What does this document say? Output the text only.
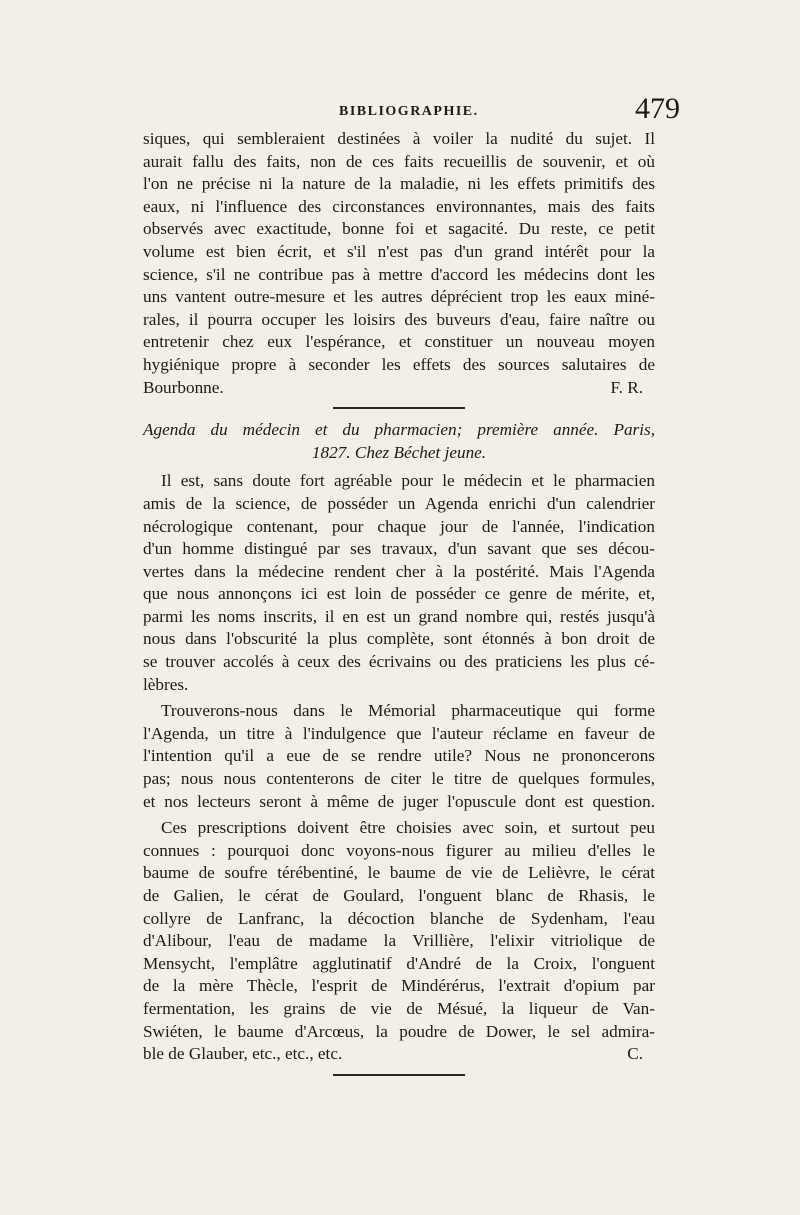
BIBLIOGRAPHIE.	479
siques, qui sembleraient destinées à voiler la nudité du sujet. Il
aurait fallu des faits, non de ces faits recueillis de souvenir, et où
l'on ne précise ni la nature de la maladie, ni les effets primitifs des
eaux, ni l'influence des circonstances environnantes, mais des faits
observés avec exactitude, bonne foi et sagacité. Du reste, ce petit
volume est bien écrit, et s'il n'est pas d'un grand intérêt pour la
science, s'il ne contribue pas à mettre d'accord les médecins dont les
uns vantent outre-mesure et les autres déprécient trop les eaux miné-
rales, il pourra occuper les loisirs des buveurs d'eau, faire naître ou
entretenir chez eux l'espérance, et constituer un nouveau moyen
hygiénique propre à seconder les effets des sources salutaires de
Bourbonne.	F. R.
Agenda du médecin et du pharmacien; première année. Paris,
1827. Chez Béchet jeune.
Il est, sans doute fort agréable pour le médecin et le pharmacien
amis de la science, de posséder un Agenda enrichi d'un calendrier
nécrologique contenant, pour chaque jour de l'année, l'indication
d'un homme distingué par ses travaux, d'un savant que ses décou-
vertes dans la médecine rendent cher à la postérité. Mais l'Agenda
que nous annonçons ici est loin de posséder ce genre de mérite, et,
parmi les noms inscrits, il en est un grand nombre qui, restés jusqu'à
nous dans l'obscurité la plus complète, sont étonnés à bon droit de
se trouver accolés à ceux des écrivains ou des praticiens les plus cé-
lèbres.
Trouverons-nous dans le Mémorial pharmaceutique qui forme
l'Agenda, un titre à l'indulgence que l'auteur réclame en faveur de
l'intention qu'il a eue de se rendre utile? Nous ne prononcerons
pas; nous nous contenterons de citer le titre de quelques formules,
et nos lecteurs seront à même de juger l'opuscule dont est question.
Ces prescriptions doivent être choisies avec soin, et surtout peu
connues : pourquoi donc voyons-nous figurer au milieu d'elles le
baume de soufre térébentiné, le baume de vie de Lelièvre, le cérat
de Galien, le cérat de Goulard, l'onguent blanc de Rhasis, le
collyre de Lanfranc, la décoction blanche de Sydenham, l'eau
d'Alibour, l'eau de madame la Vrillière, l'elixir vitriolique de
Mensycht, l'emplâtre agglutinatif d'André de la Croix, l'onguent
de la mère Thècle, l'esprit de Mindérérus, l'extrait d'opium par
fermentation, les grains de vie de Mésué, la liqueur de Van-
Swiéten, le baume d'Arcœus, la poudre de Dower, le sel admira-
ble de Glauber, etc., etc., etc.	C.
